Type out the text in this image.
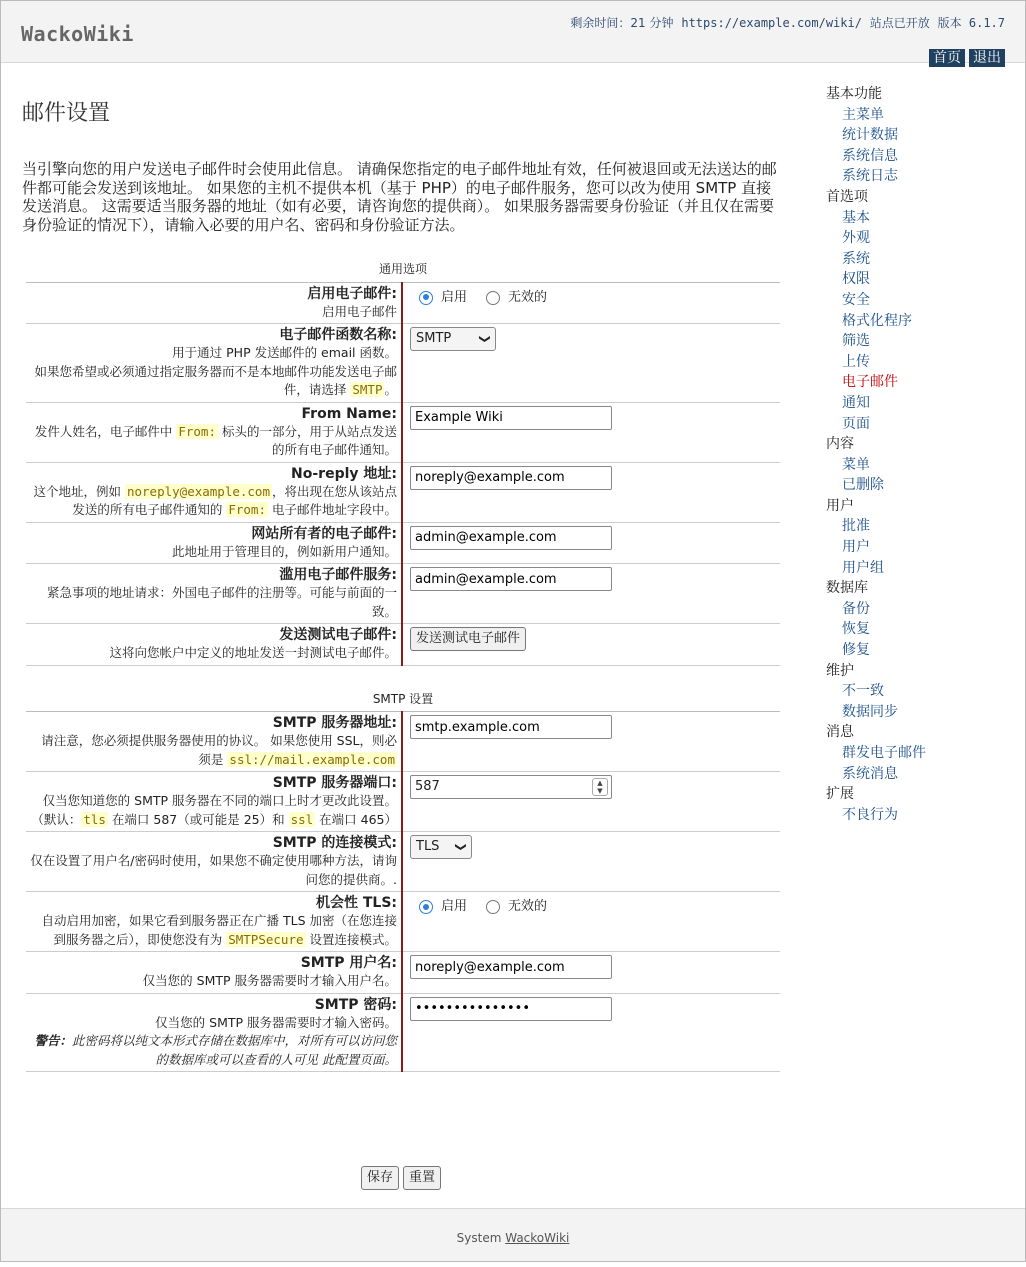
WackoWiki	剩余时间：21 分钟 https://example.com/wiki/ 站点已开放 版本 6.1.7
首页 退出
邮件设置
当引擎向您的用户发送电子邮件时会使用此信息。 请确保您指定的电子邮件地址有效，任何被退回或无法送达的邮件都可能会发送到该地址。 如果您的主机不提供本机（基于 PHP）的电子邮件服务，您可以改为使用 SMTP 直接发送消息。 这需要适当服务器的地址（如有必要，请咨询您的提供商）。 如果服务器需要身份验证（并且仅在需要身份验证的情况下），请输入必要的用户名、密码和身份验证方法。
通用选项	

启用电子邮件:
启用电子邮件	启用 无效的

电子邮件函数名称:
用于通过 PHP 发送邮件的 email 函数。
如果您希望或必须通过指定服务器而不是本地邮件功能发送电子邮件，请选择 SMTP 。	SMTP ❯

From Name:
发件人姓名，电子邮件中 From: 标头的一部分，用于从站点发送的所有电子邮件通知。	Example Wiki

No-reply 地址:
这个地址，例如 noreply@example.com ，将出现在您从该站点发送的所有电子邮件通知的 From: 电子邮件地址字段中。	noreply@example.com

网站所有者的电子邮件:
此地址用于管理目的，例如新用户通知。	admin@example.com

滥用电子邮件服务:
紧急事项的地址请求：外国电子邮件的注册等。可能与前面的一致。	admin@example.com

发送测试电子邮件:
这将向您帐户中定义的地址发送一封测试电子邮件。	发送测试电子邮件
SMTP 设置	

SMTP 服务器地址:
请注意，您必须提供服务器使用的协议。 如果您使用 SSL，则必须是 ssl://mail.example.com	smtp.example.com

SMTP 服务器端口:
仅当您知道您的 SMTP 服务器在不同的端口上时才更改此设置。
（默认： tls 在端口 587（或可能是 25）和 ssl 在端口 465）	587 ▲
▼

SMTP 的连接模式:
仅在设置了用户名/密码时使用，如果您不确定使用哪种方法，请询问您的提供商。.	TLS ❯

机会性 TLS:
自动启用加密，如果它看到服务器正在广播 TLS 加密（在您连接到服务器之后），即使您没有为 SMTPSecure 设置连接模式。	启用 无效的

SMTP 用户名:
仅当您的 SMTP 服务器需要时才输入用户名。	noreply@example.com

SMTP 密码:
仅当您的 SMTP 服务器需要时才输入密码。
警告：此密码将以纯文本形式存储在数据库中，对所有可以访问您的数据库或可以查看的人可见 此配置页面。	•••••••••••••••
保存	重置
基本功能
主菜单
统计数据
系统信息
系统日志
首选项
基本
外观
系统
权限
安全
格式化程序
筛选
上传
电子邮件
通知
页面
内容
菜单
已删除
用户
批准
用户
用户组
数据库
备份
恢复
修复
维护
不一致
数据同步
消息
群发电子邮件
系统消息
扩展
不良行为
System WackoWiki
